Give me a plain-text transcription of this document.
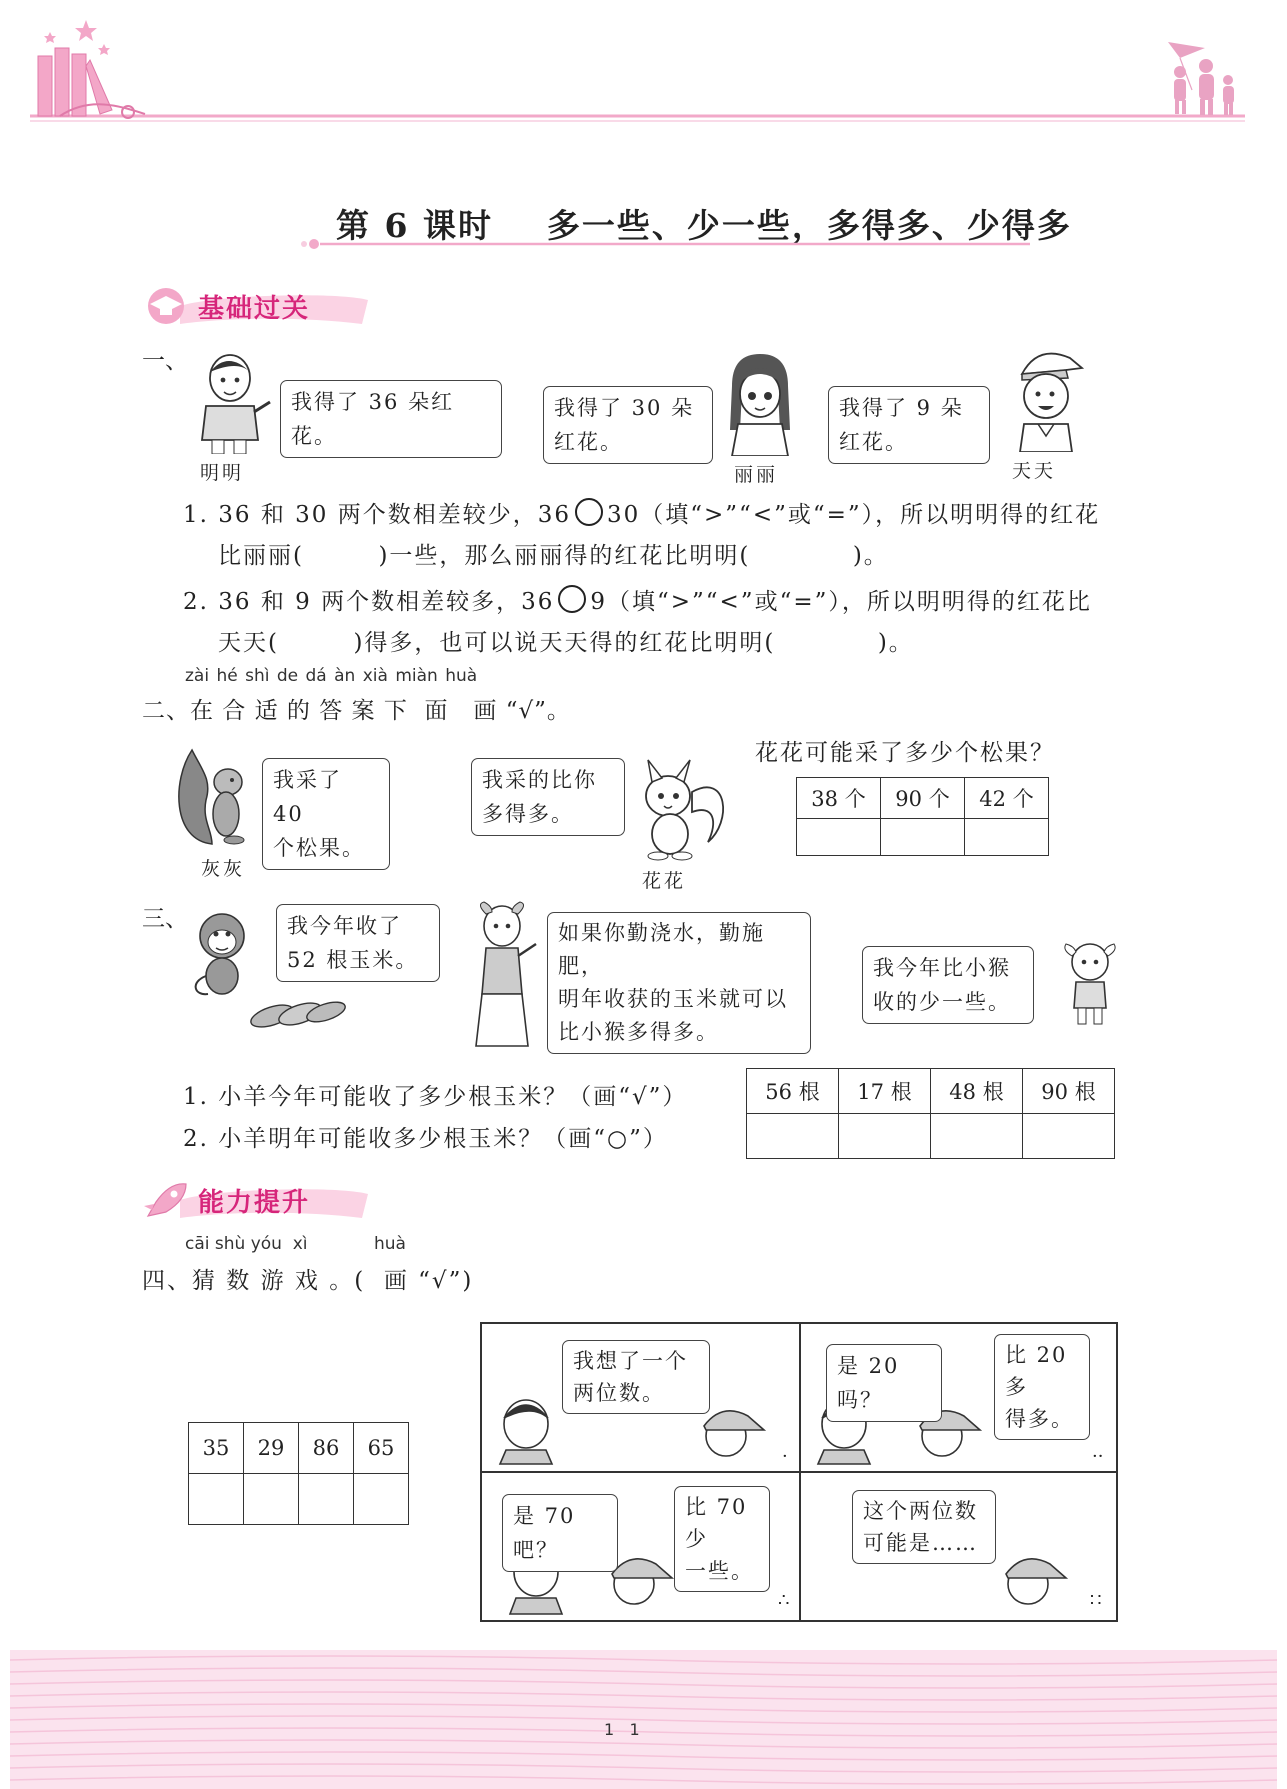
第 6 课时    多一些、少一些，多得多、少得多
基础过关
一、
明明
我得了 36 朵红花。
我得了 30 朵
红花。
丽丽
我得了 9 朵
红花。
天天
1. 36 和 30 两个数相差较少，36 30（填“>”“<”或“=”），所以明明得的红花
比丽丽(        )一些，那么丽丽得的红花比明明(           )。
2. 36 和 9 两个数相差较多，36 9（填“>”“<”或“=”），所以明明得的红花比
天天(        )得多，也可以说天天得的红花比明明(           )。
zài hé shì de dá àn xià miàn huà
二、在 合 适 的 答 案 下  面   画 “√”。
灰灰
我采了 40
个松果。
我采的比你
多得多。
花花
花花可能采了多少个松果？
38 个	90 个	42 个

三、	我今年收了
52 根玉米。
如果你勤浇水，勤施肥，
明年收获的玉米就可以
比小猴多得多。
我今年比小猴
收的少一些。
1. 小羊今年可能收了多少根玉米？（画“√”）
2. 小羊明年可能收多少根玉米？（画“○”）
56 根	17 根	48 根	90 根

能力提升
cāi shù yóu  xì	huà
四、猜 数 游 戏 。(  画 “√”)
35	29	86	65

我想了一个
两位数。
·
是 20 吗？
比 20 多
得多。
··
是 70 吧？
比 70 少
一些。
∴
这个两位数
可能是……
∷
1   1
